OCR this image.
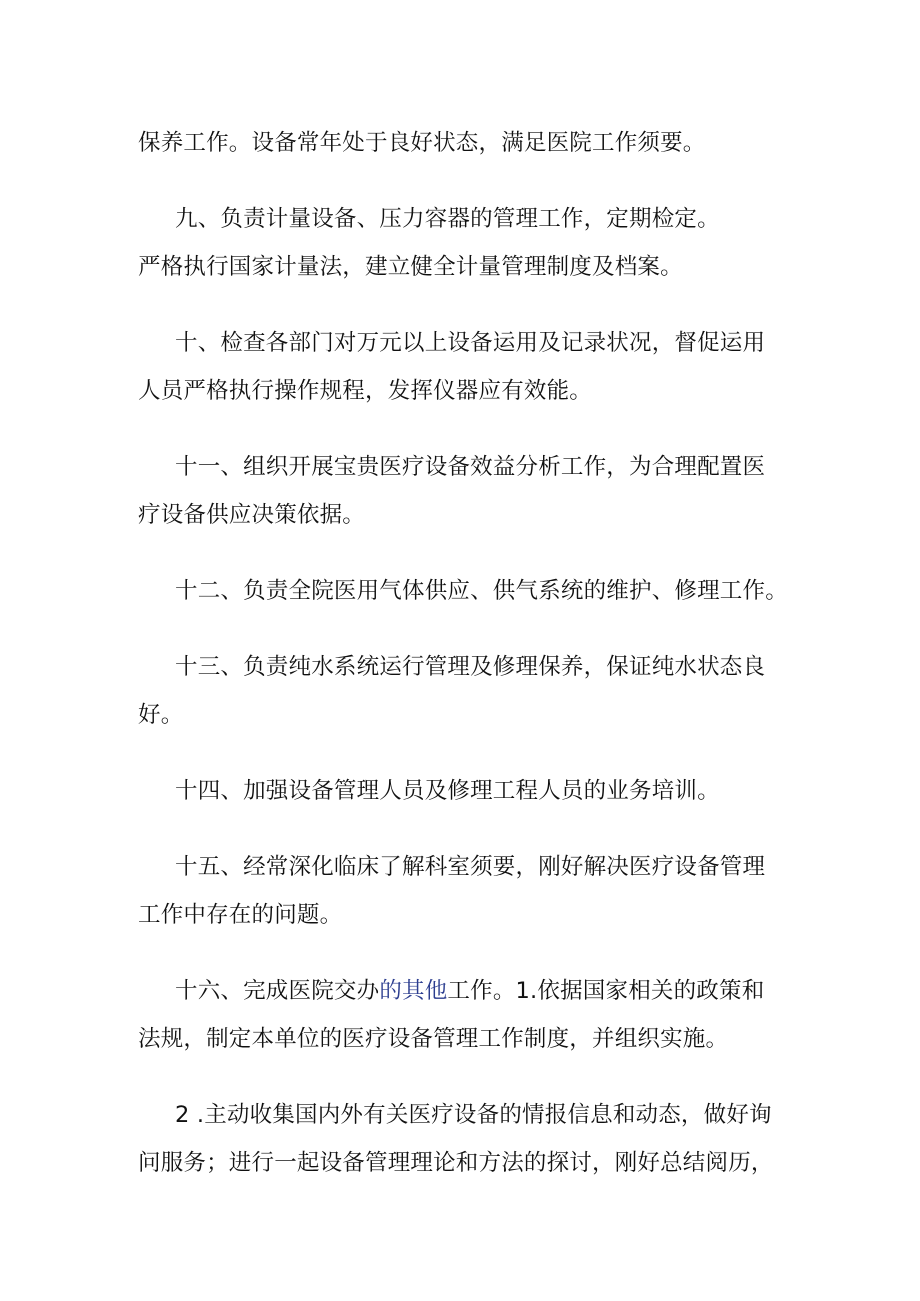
保养工作。设备常年处于良好状态，满足医院工作须要。
九、负责计量设备、压力容器的管理工作，定期检定。
严格执行国家计量法，建立健全计量管理制度及档案。
十、检查各部门对万元以上设备运用及记录状况，督促运用
人员严格执行操作规程，发挥仪器应有效能。
十一、组织开展宝贵医疗设备效益分析工作，为合理配置医
疗设备供应决策依据。
十二、负责全院医用气体供应、供气系统的维护、修理工作。
十三、负责纯水系统运行管理及修理保养，保证纯水状态良
好。
十四、加强设备管理人员及修理工程人员的业务培训。
十五、经常深化临床了解科室须要，刚好解决医疗设备管理
工作中存在的问题。
十六、完成医院交办的其他工作。1.依据国家相关的政策和
法规，制定本单位的医疗设备管理工作制度，并组织实施。
2 .主动收集国内外有关医疗设备的情报信息和动态，做好询
问服务；进行一起设备管理理论和方法的探讨，刚好总结阅历，
